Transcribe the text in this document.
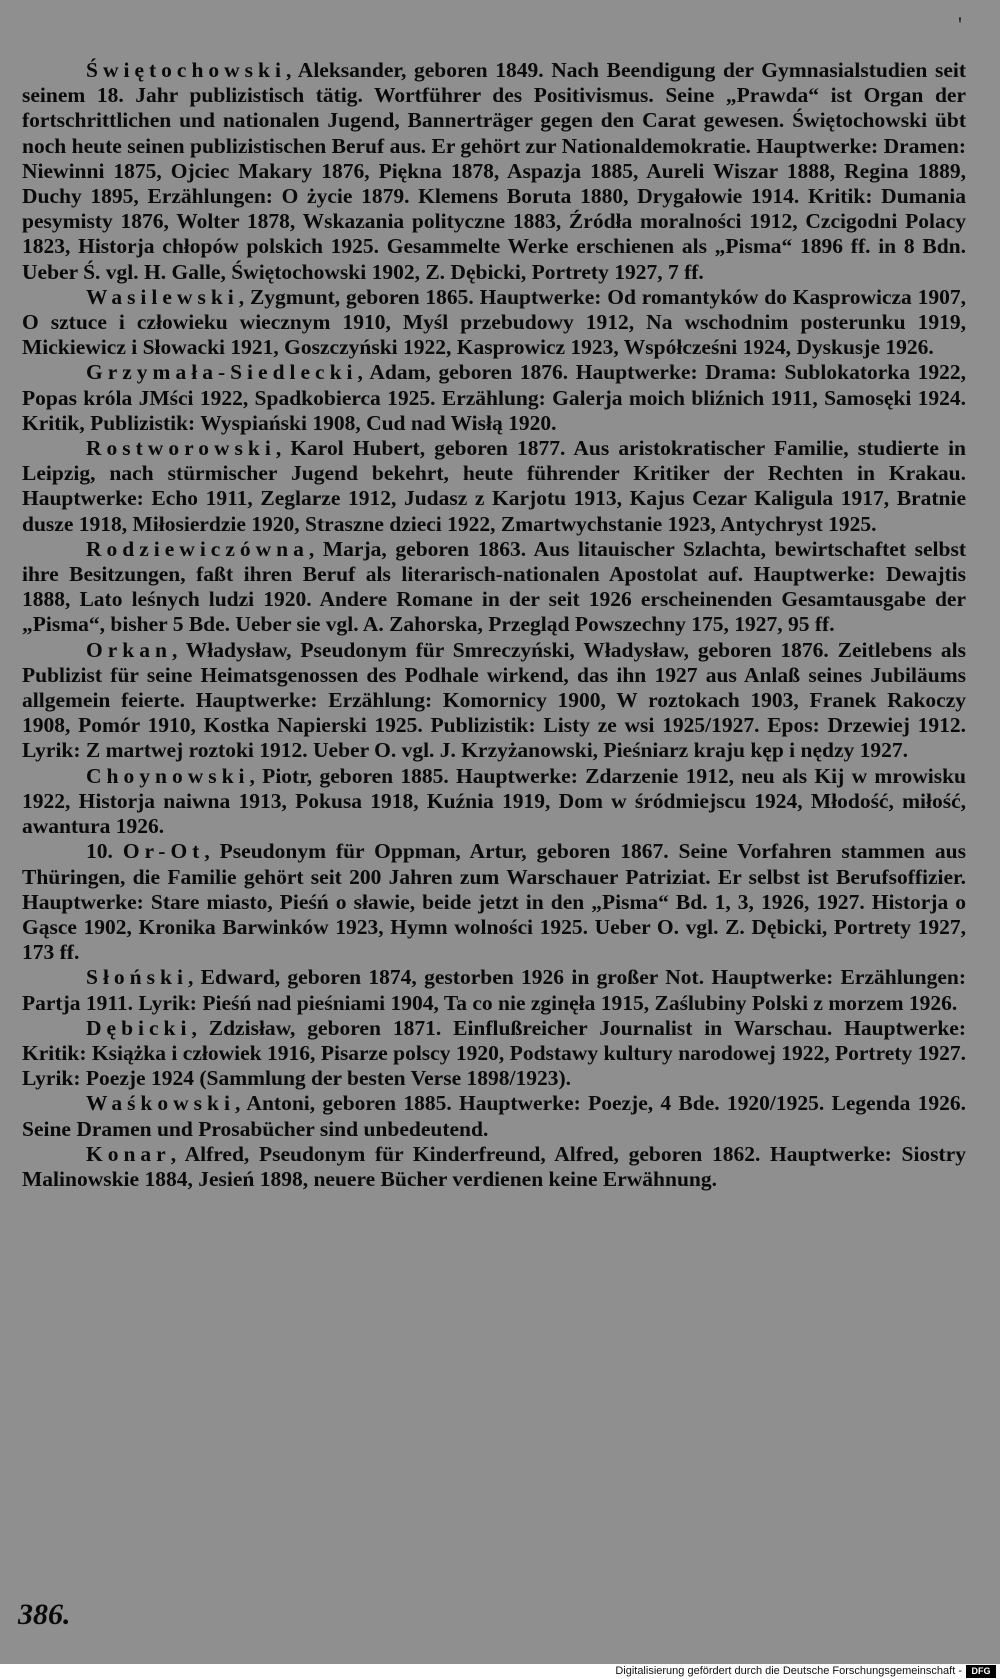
'

Świętochowski, Aleksander, geboren 1849. Nach Beendigung der Gymnasialstudien seit seinem 18. Jahr publizistisch tätig. Wortführer des Positivismus. Seine „Prawda“ ist Organ der fortschrittlichen und nationalen Jugend, Bannerträger gegen den Carat gewesen. Świętochowski übt noch heute seinen publizistischen Beruf aus. Er gehört zur Nationaldemokratie. Hauptwerke: Dramen: Niewinni 1875, Ojciec Makary 1876, Piękna 1878, Aspazja 1885, Aureli Wiszar 1888, Regina 1889, Duchy 1895, Erzählungen: O życie 1879. Klemens Boruta 1880, Drygałowie 1914. Kritik: Dumania pesymisty 1876, Wolter 1878, Wskazania polityczne 1883, Źródła moralności 1912, Czcigodni Polacy 1823, Historja chłopów polskich 1925. Gesammelte Werke erschienen als „Pisma“ 1896 ff. in 8 Bdn. Ueber Ś. vgl. H. Galle, Świętochowski 1902, Z. Dębicki, Portrety 1927, 7 ff.

Wasilewski, Zygmunt, geboren 1865. Hauptwerke: Od romantyków do Kasprowicza 1907, O sztuce i człowieku wiecznym 1910, Myśl przebudowy 1912, Na wschodnim posterunku 1919, Mickiewicz i Słowacki 1921, Goszczyński 1922, Kasprowicz 1923, Współcześni 1924, Dyskusje 1926.

Grzymała-Siedlecki, Adam, geboren 1876. Hauptwerke: Drama: Sublokatorka 1922, Popas króla JMści 1922, Spadkobierca 1925. Erzählung: Galerja moich bliźnich 1911, Samosęki 1924. Kritik, Publizistik: Wyspiański 1908, Cud nad Wisłą 1920.

Rostworowski, Karol Hubert, geboren 1877. Aus aristokratischer Familie, studierte in Leipzig, nach stürmischer Jugend bekehrt, heute führender Kritiker der Rechten in Krakau. Hauptwerke: Echo 1911, Zeglarze 1912, Judasz z Karjotu 1913, Kajus Cezar Kaligula 1917, Bratnie dusze 1918, Miłosierdzie 1920, Straszne dzieci 1922, Zmartwychstanie 1923, Antychryst 1925.

Rodziewiczówna, Marja, geboren 1863. Aus litauischer Szlachta, bewirtschaftet selbst ihre Besitzungen, faßt ihren Beruf als literarisch-nationalen Apostolat auf. Hauptwerke: Dewajtis 1888, Lato leśnych ludzi 1920. Andere Romane in der seit 1926 erscheinenden Gesamtausgabe der „Pisma“, bisher 5 Bde. Ueber sie vgl. A. Zahorska, Przegląd Powszechny 175, 1927, 95 ff.

Orkan, Władysław, Pseudonym für Smreczyński, Władysław, geboren 1876. Zeitlebens als Publizist für seine Heimatsgenossen des Podhale wirkend, das ihn 1927 aus Anlaß seines Jubiläums allgemein feierte. Hauptwerke: Erzählung: Komornicy 1900, W roztokach 1903, Franek Rakoczy 1908, Pomór 1910, Kostka Napierski 1925. Publizistik: Listy ze wsi 1925/1927. Epos: Drzewiej 1912. Lyrik: Z martwej roztoki 1912. Ueber O. vgl. J. Krzyżanowski, Pieśniarz kraju kęp i nędzy 1927.

Choynowski, Piotr, geboren 1885. Hauptwerke: Zdarzenie 1912, neu als Kij w mrowisku 1922, Historja naiwna 1913, Pokusa 1918, Kuźnia 1919, Dom w śródmiejscu 1924, Młodość, miłość, awantura 1926.

10. Or-Ot, Pseudonym für Oppman, Artur, geboren 1867. Seine Vorfahren stammen aus Thüringen, die Familie gehört seit 200 Jahren zum Warschauer Patriziat. Er selbst ist Berufsoffizier. Hauptwerke: Stare miasto, Pieśń o sławie, beide jetzt in den „Pisma“ Bd. 1, 3, 1926, 1927. Historja o Gąsce 1902, Kronika Barwinków 1923, Hymn wolności 1925. Ueber O. vgl. Z. Dębicki, Portrety 1927, 173 ff.

Słoński, Edward, geboren 1874, gestorben 1926 in großer Not. Hauptwerke: Erzählungen: Partja 1911. Lyrik: Pieśń nad pieśniami 1904, Ta co nie zginęła 1915, Zaślubiny Polski z morzem 1926.

Dębicki, Zdzisław, geboren 1871. Einflußreicher Journalist in Warschau. Hauptwerke: Kritik: Książka i człowiek 1916, Pisarze polscy 1920, Podstawy kultury narodowej 1922, Portrety 1927. Lyrik: Poezje 1924 (Sammlung der besten Verse 1898/1923).

Waśkowski, Antoni, geboren 1885. Hauptwerke: Poezje, 4 Bde. 1920/1925. Legenda 1926. Seine Dramen und Prosabücher sind unbedeutend.

Konar, Alfred, Pseudonym für Kinderfreund, Alfred, geboren 1862. Hauptwerke: Siostry Malinowskie 1884, Jesień 1898, neuere Bücher verdienen keine Erwähnung.

386.
Digitalisierung gefördert durch die Deutsche Forschungsgemeinschaft -	DFG
